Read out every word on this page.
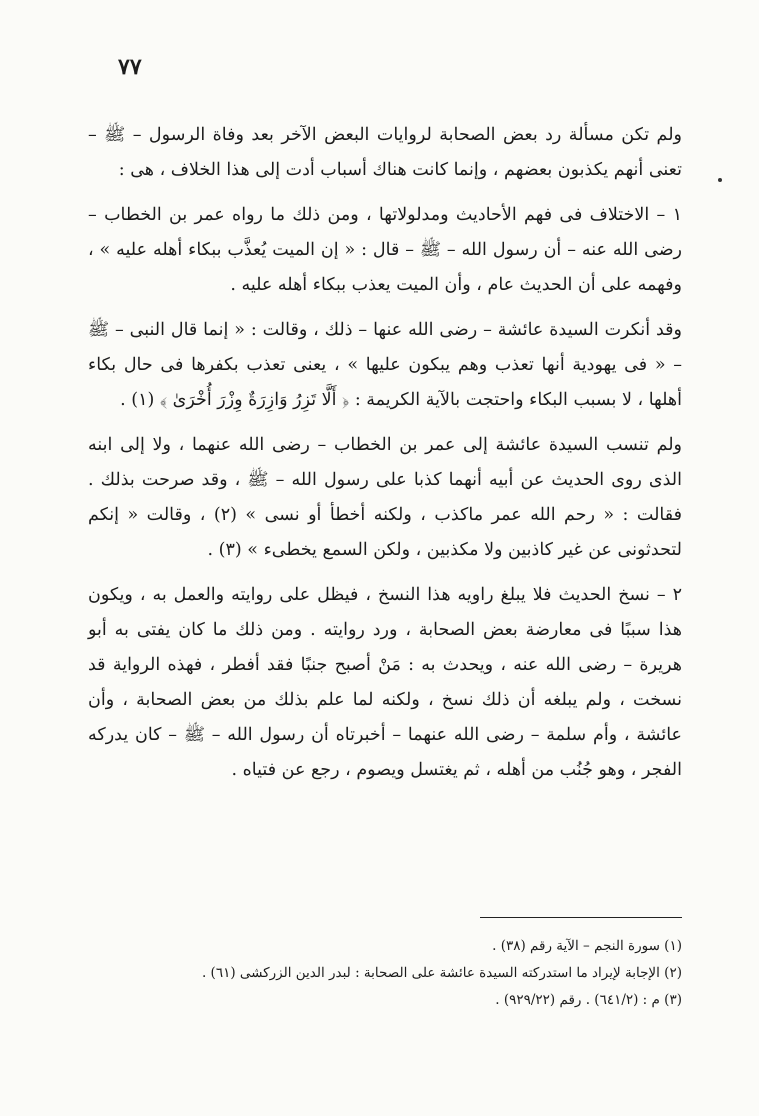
٧٧

ولم تكن مسألة رد بعض الصحابة لروايات البعض الآخر بعد وفاة الرسول – ﷺ – تعنى أنهم يكذبون بعضهم ، وإنما كانت هناك أسباب أدت إلى هذا الخلاف ، هى :

١ – الاختلاف فى فهم الأحاديث ومدلولاتها ، ومن ذلك ما رواه عمر بن الخطاب – رضى الله عنه – أن رسول الله – ﷺ – قال : « إن الميت يُعذَّب ببكاء أهله عليه » ، وفهمه على أن الحديث عام ، وأن الميت يعذب ببكاء أهله عليه .

وقد أنكرت السيدة عائشة – رضى الله عنها – ذلك ، وقالت : « إنما قال النبى – ﷺ – « فى يهودية أنها تعذب وهم يبكون عليها » ، يعنى تعذب بكفرها فى حال بكاء أهلها ، لا بسبب البكاء واحتجت بالآية الكريمة : ﴿ أَلَّا تَزِرُ وَازِرَةٌ وِزْرَ أُخْرَىٰ ﴾ (١) .

ولم تنسب السيدة عائشة إلى عمر بن الخطاب – رضى الله عنهما ، ولا إلى ابنه الذى روى الحديث عن أبيه أنهما كذبا على رسول الله – ﷺ ، وقد صرحت بذلك . فقالت : « رحم الله عمر ماكذب ، ولكنه أخطأ أو نسى » (٢) ، وقالت « إنكم لتحدثونى عن غير كاذبين ولا مكذبين ، ولكن السمع يخطىء » (٣) .

٢ – نسخ الحديث فلا يبلغ راويه هذا النسخ ، فيظل على روايته والعمل به ، ويكون هذا سببًا فى معارضة بعض الصحابة ، ورد روايته . ومن ذلك ما كان يفتى به أبو هريرة – رضى الله عنه ، ويحدث به : مَنْ أصبح جنبًا فقد أفطر ، فهذه الرواية قد نسخت ، ولم يبلغه أن ذلك نسخ ، ولكنه لما علم بذلك من بعض الصحابة ، وأن عائشة ، وأم سلمة – رضى الله عنهما – أخبرتاه أن رسول الله – ﷺ – كان يدركه الفجر ، وهو جُنُب من أهله ، ثم يغتسل ويصوم ، رجع عن فتياه .

(١) سورة النجم – الآية رقم (٣٨) .

(٢) الإجابة لإيراد ما استدركته السيدة عائشة على الصحابة : لبدر الدين الزركشى (٦١) .

(٣) م : (٦٤١/٢) . رقم (٩٢٩/٢٢) .
